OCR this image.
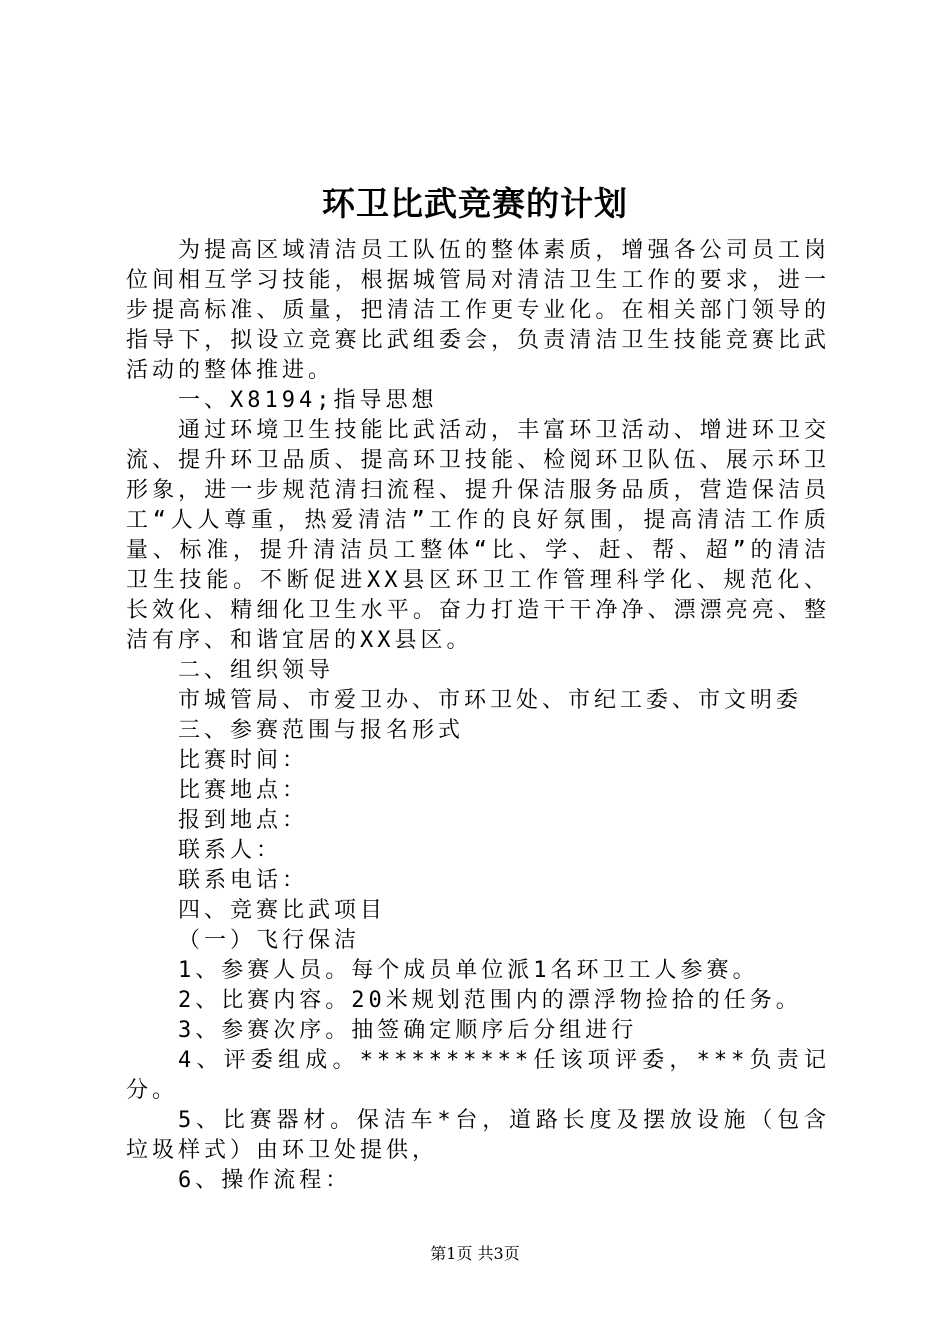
环卫比武竞赛的计划

为提高区域清洁员工队伍的整体素质，增强各公司员工岗位间相互学习技能，根据城管局对清洁卫生工作的要求，进一步提高标准、质量，把清洁工作更专业化。在相关部门领导的指导下，拟设立竞赛比武组委会，负责清洁卫生技能竞赛比武活动的整体推进。

一、X8194;指导思想

通过环境卫生技能比武活动，丰富环卫活动、增进环卫交流、提升环卫品质、提高环卫技能、检阅环卫队伍、展示环卫形象，进一步规范清扫流程、提升保洁服务品质，营造保洁员工“人人尊重，热爱清洁”工作的良好氛围，提高清洁工作质量、标准，提升清洁员工整体“比、学、赶、帮、超”的清洁卫生技能。不断促进XX县区环卫工作管理科学化、规范化、长效化、精细化卫生水平。奋力打造干干净净、漂漂亮亮、整洁有序、和谐宜居的XX县区。

二、组织领导

市城管局、市爱卫办、市环卫处、市纪工委、市文明委

三、参赛范围与报名形式

比赛时间：

比赛地点：

报到地点：

联系人：

联系电话：

四、竞赛比武项目

（一）飞行保洁

1、参赛人员。每个成员单位派1名环卫工人参赛。

2、比赛内容。20米规划范围内的漂浮物捡拾的任务。

3、参赛次序。抽签确定顺序后分组进行

4、评委组成。**********任该项评委，***负责记分。

5、比赛器材。保洁车*台，道路长度及摆放设施（包含垃圾样式）由环卫处提供，

6、操作流程：

第1页 共3页
